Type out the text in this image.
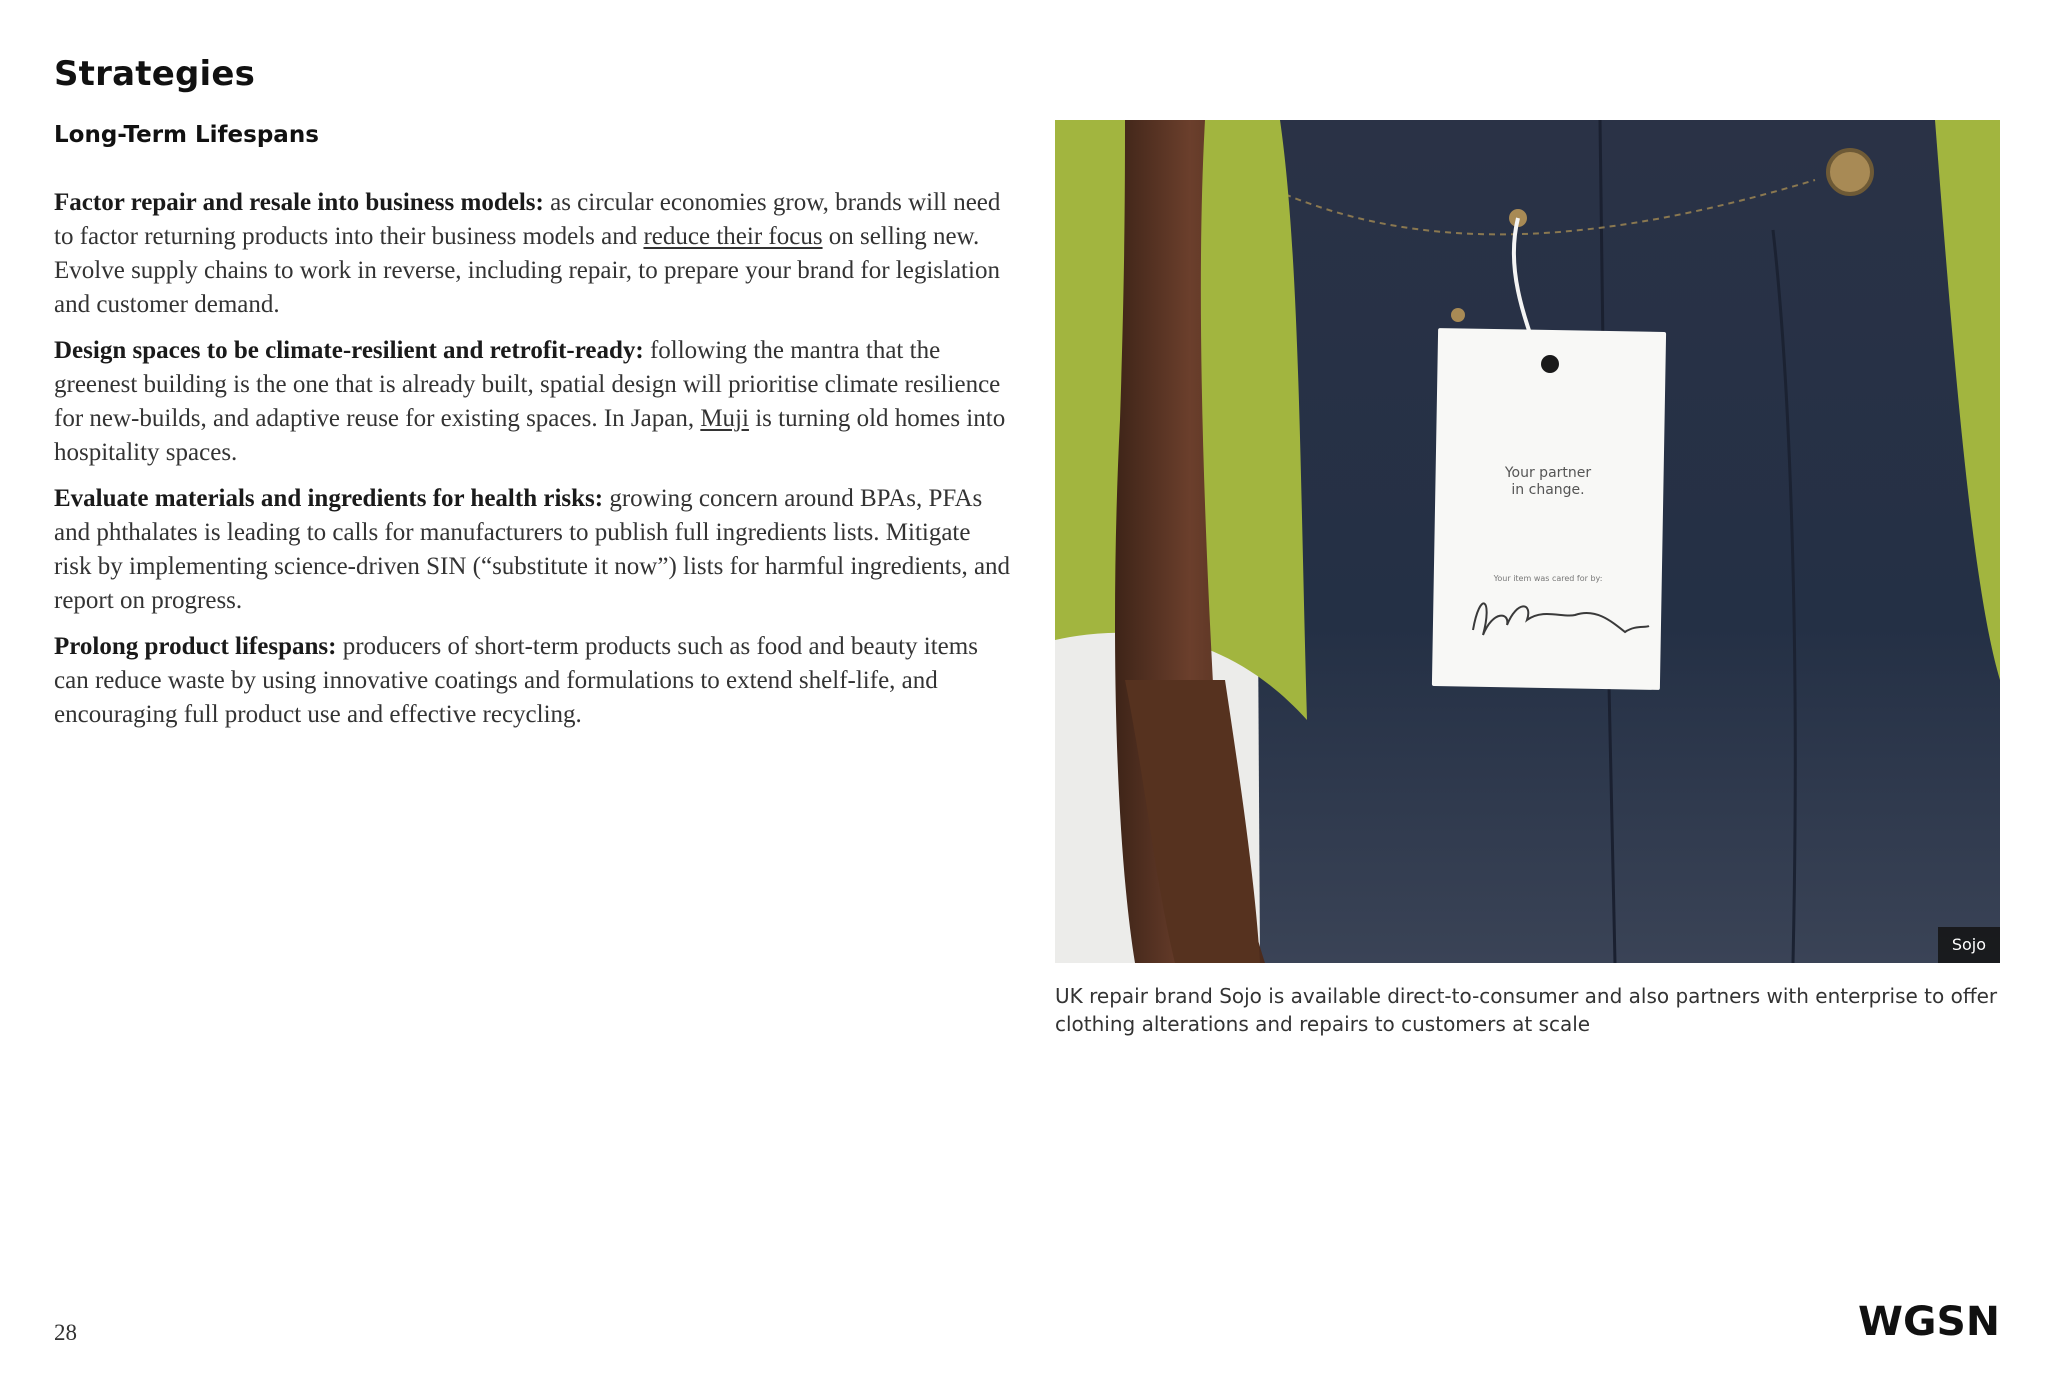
Strategies
Long-Term Lifespans

Factor repair and resale into business models: as circular economies grow, brands will need to factor returning products into their business models and reduce their focus on selling new. Evolve supply chains to work in reverse, including repair, to prepare your brand for legislation and customer demand.

Design spaces to be climate-resilient and retrofit-ready: following the mantra that the greenest building is the one that is already built, spatial design will prioritise climate resilience for new-builds, and adaptive reuse for existing spaces. In Japan, Muji is turning old homes into hospitality spaces.

Evaluate materials and ingredients for health risks: growing concern around BPAs, PFAs and phthalates is leading to calls for manufacturers to publish full ingredients lists. Mitigate risk by implementing science-driven SIN (“substitute it now”) lists for harmful ingredients, and report on progress.

Prolong product lifespans: producers of short-term products such as food and beauty items can reduce waste by using innovative coatings and formulations to extend shelf-life, and encouraging full product use and effective recycling.

Your partner
in change.
Your item was cared for by:
Sojo

UK repair brand Sojo is available direct-to-consumer and also partners with enterprise to offer clothing alterations and repairs to customers at scale

28	WGSN
